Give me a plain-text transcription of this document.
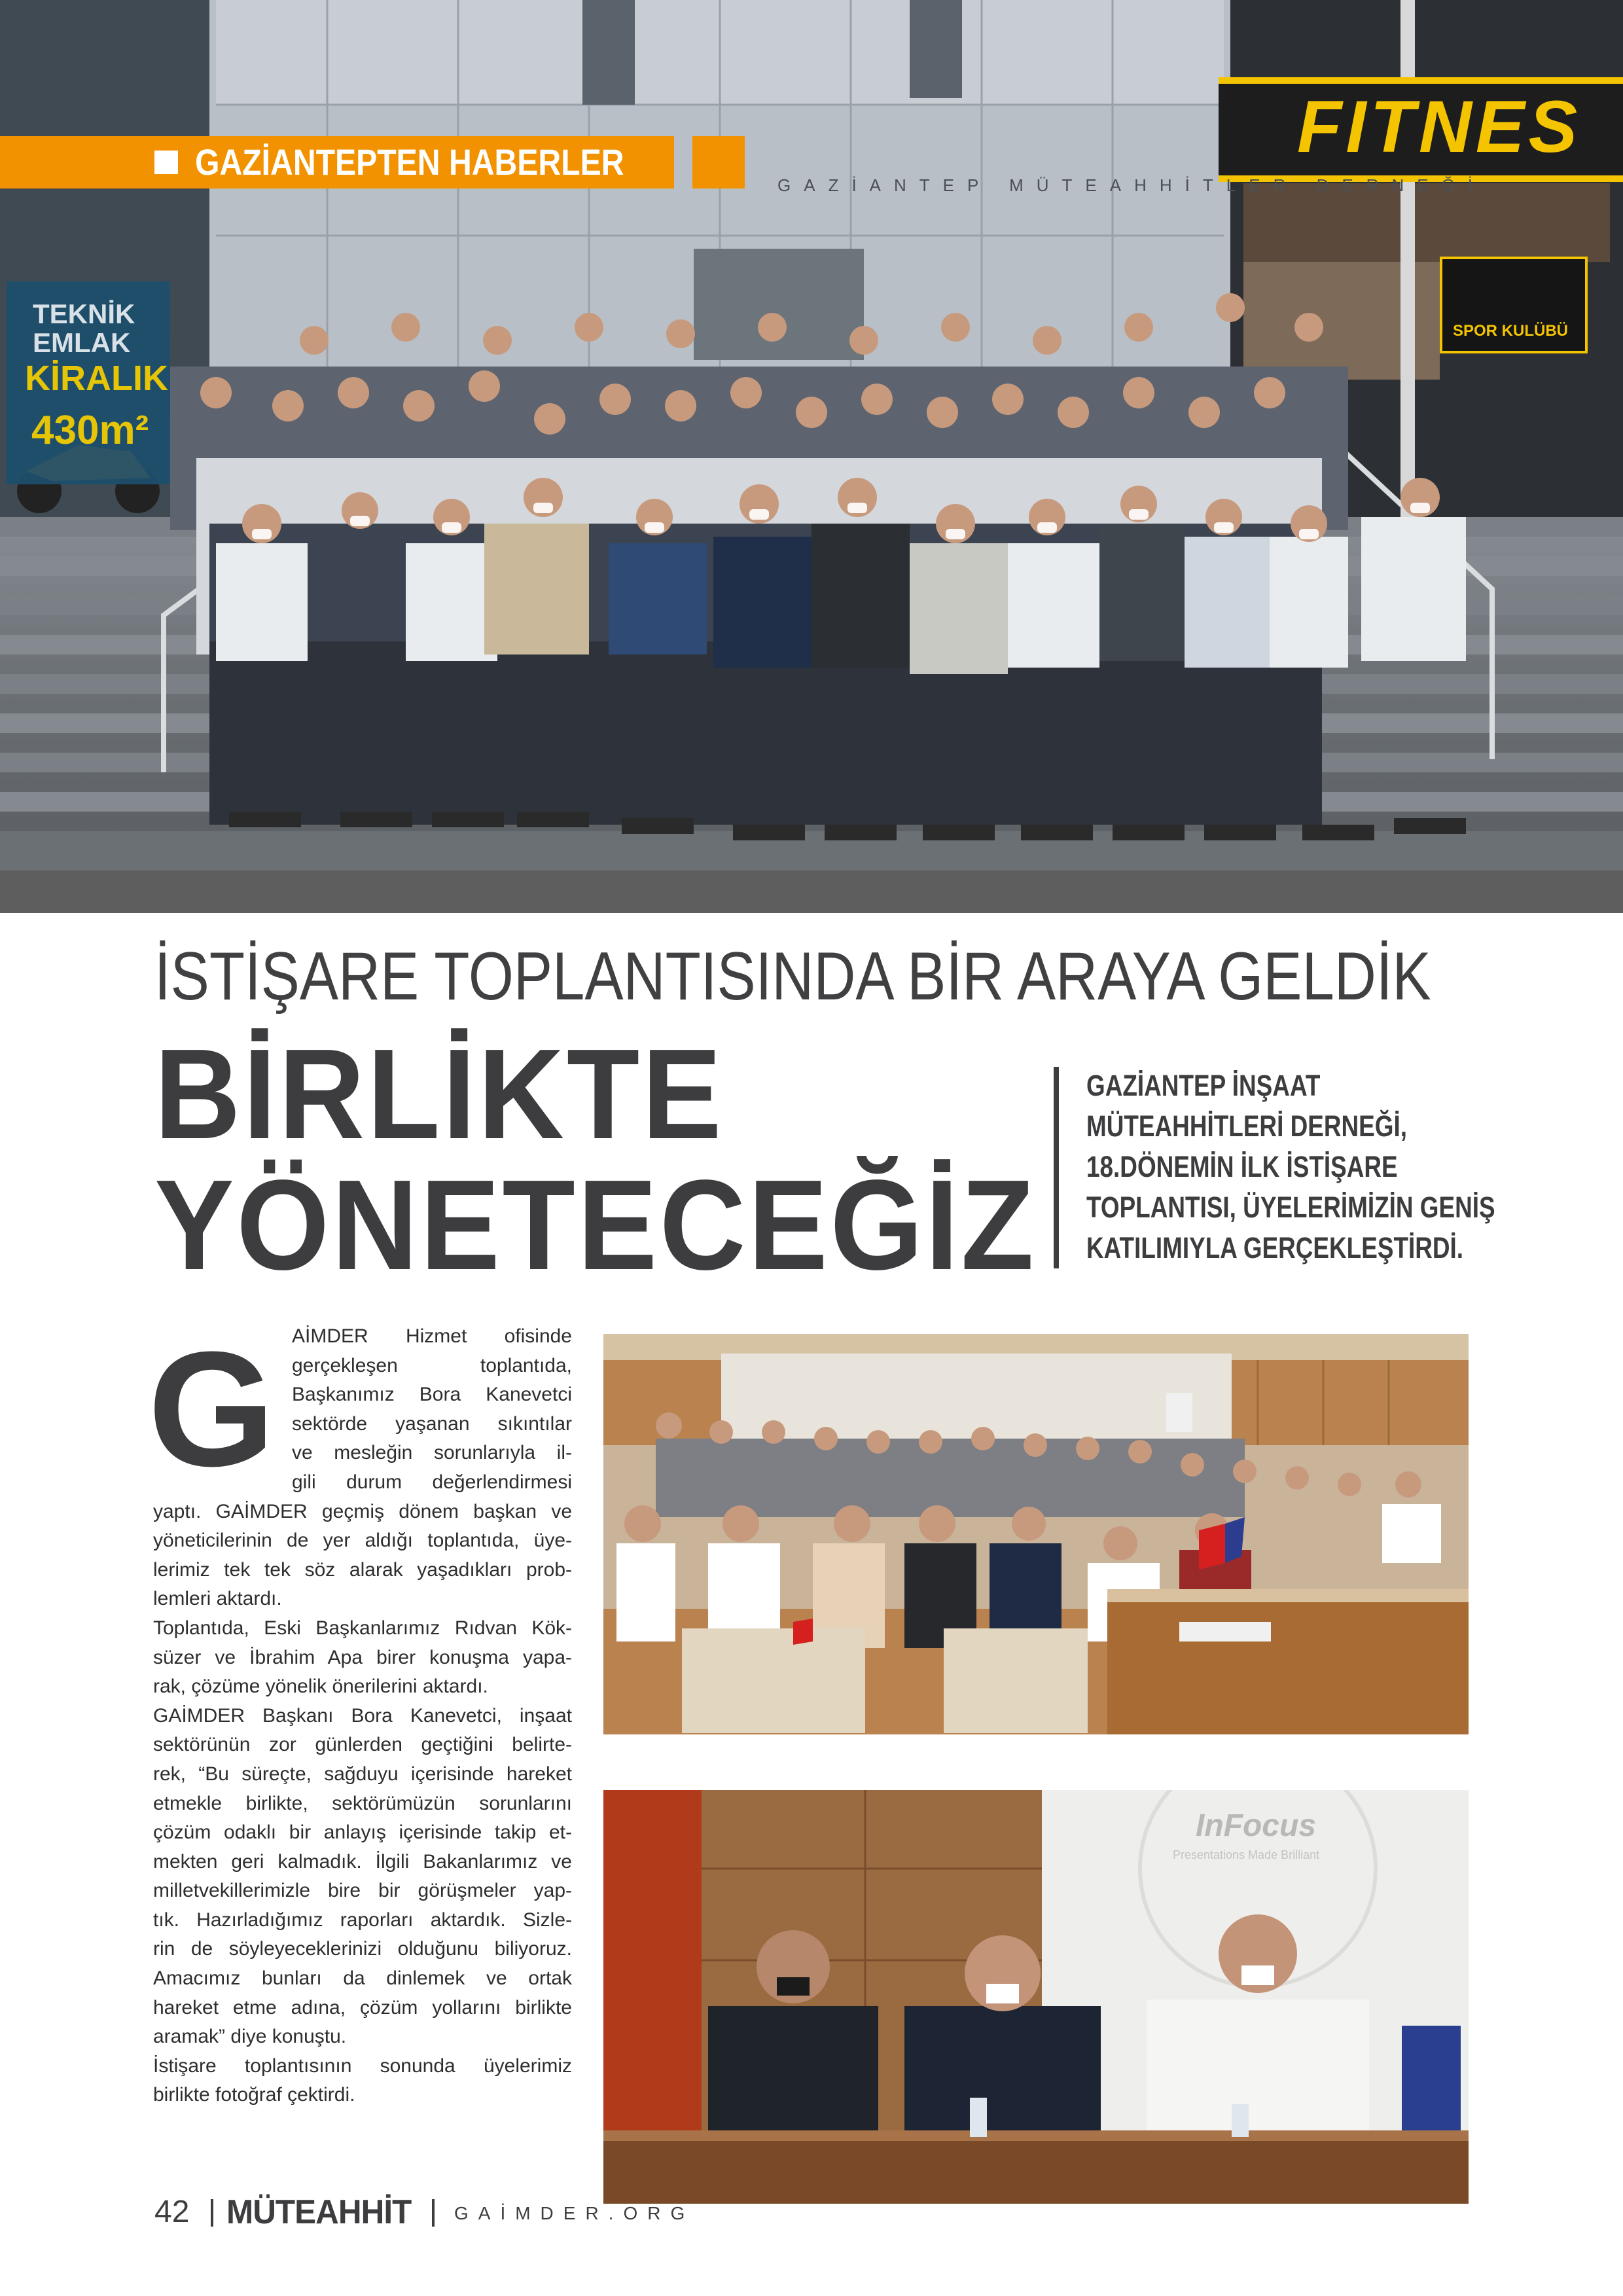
TEKNİK EMLAK
KİRALIK
430m²
FITNES
SPOR KULÜBÜ
GAZİANTEP MÜTEAHHİTLER DERNEĞİ
GAZİANTEPTEN HABERLER
İSTİŞARE TOPLANTISINDA BİR ARAYA GELDİK
BİRLİKTE
YÖNETECEĞİZ
GAZİANTEP İNŞAAT
MÜTEAHHİTLERİ DERNEĞİ,
18.DÖNEMİN İLK İSTİŞARE
TOPLANTISI, ÜYELERİMİZİN GENİŞ
KATILIMIYLA GERÇEKLEŞTİRDİ.
G AİMDER Hizmet ofisinde
gerçekleşen toplantıda,
Başkanımız Bora Kanevetci
sektörde yaşanan sıkıntılar
ve mesleğin sorunlarıyla il-
gili durum değerlendirmesi
yaptı. GAİMDER geçmiş dönem başkan ve
yöneticilerinin de yer aldığı toplantıda, üye-
lerimiz tek tek söz alarak yaşadıkları prob-
lemleri aktardı.
Toplantıda, Eski Başkanlarımız Rıdvan Kök-
süzer ve İbrahim Apa birer konuşma yapa-
rak, çözüme yönelik önerilerini aktardı.
GAİMDER Başkanı Bora Kanevetci, inşaat
sektörünün zor günlerden geçtiğini belirte-
rek, “Bu süreçte, sağduyu içerisinde hareket
etmekle birlikte, sektörümüzün sorunlarını
çözüm odaklı bir anlayış içerisinde takip et-
mekten geri kalmadık. İlgili Bakanlarımız ve
milletvekillerimizle bire bir görüşmeler yap-
tık. Hazırladığımız raporları aktardık. Sizle-
rin de söyleyeceklerinizi olduğunu biliyoruz.
Amacımız bunları da dinlemek ve ortak
hareket etme adına, çözüm yollarını birlikte
aramak” diye konuştu.
İstişare toplantısının sonunda üyelerimiz
birlikte fotoğraf çektirdi.
InFocus
Presentations Made Brilliant
42 MÜTEAHHİT GAİMDER.ORG
